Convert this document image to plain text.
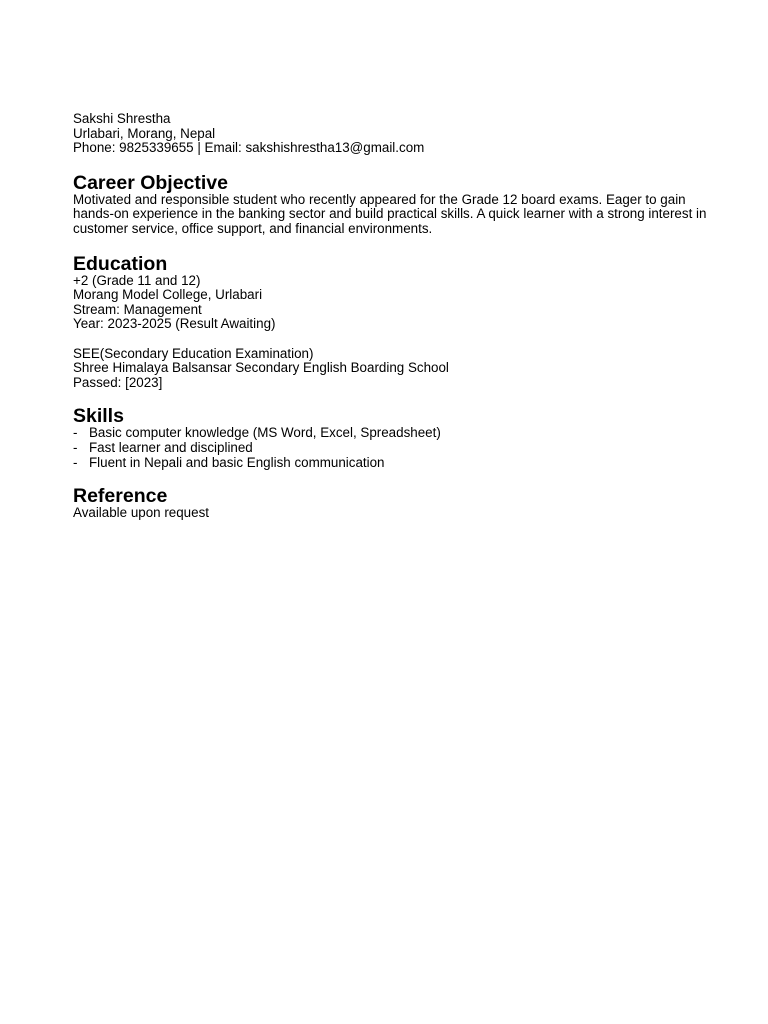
Sakshi Shrestha
Urlabari, Morang, Nepal
Phone: 9825339655 | Email: sakshishrestha13@gmail.com
Career Objective
Motivated and responsible student who recently appeared for the Grade 12 board exams. Eager to gain hands-on experience in the banking sector and build practical skills. A quick learner with a strong interest in customer service, office support, and financial environments.
Education
+2 (Grade 11 and 12)
Morang Model College, Urlabari
Stream: Management
Year: 2023-2025 (Result Awaiting)
SEE(Secondary Education Examination)
Shree Himalaya Balsansar Secondary English Boarding School
Passed: [2023]
Skills
- Basic computer knowledge (MS Word, Excel, Spreadsheet)
- Fast learner and disciplined
- Fluent in Nepali and basic English communication
Reference
Available upon request
